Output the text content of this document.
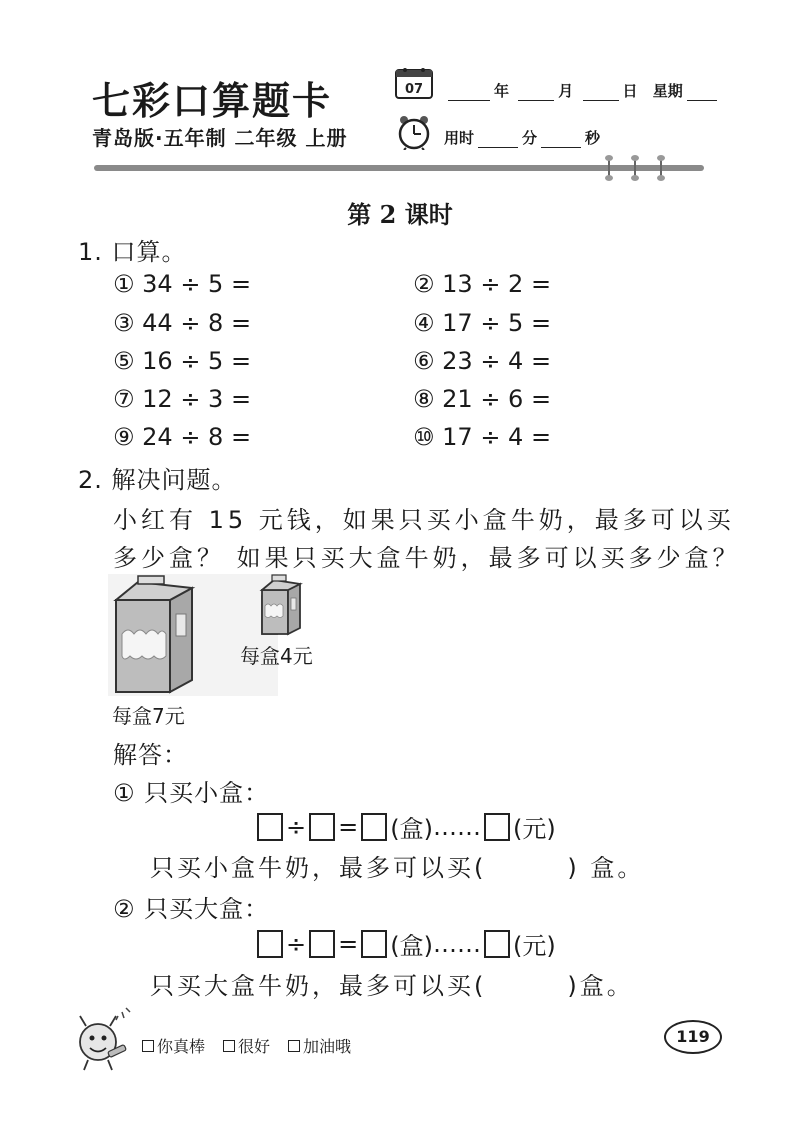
七彩口算题卡
青岛版·五年制 二年级 上册
07	年	月	日 星期
用时	分	秒
第 2 课时
1. 口算。
① 34 ÷ 5 =	② 13 ÷ 2 =
③ 44 ÷ 8 =	④ 17 ÷ 5 =
⑤ 16 ÷ 5 =	⑥ 23 ÷ 4 =
⑦ 12 ÷ 3 =	⑧ 21 ÷ 6 =
⑨ 24 ÷ 8 =	⑩ 17 ÷ 4 =
2. 解决问题。
小红有 15 元钱，如果只买小盒牛奶，最多可以买
多少盒？ 如果只买大盒牛奶，最多可以买多少盒？
每盒4元
每盒7元
解答：
① 只买小盒：
÷ = (盒) …… (元)
只买小盒牛奶，最多可以买(　　　) 盒。
② 只买大盒：
÷ = (盒) …… (元)
只买大盒牛奶，最多可以买(　　　)盒。
你真棒 很好 加油哦
119
